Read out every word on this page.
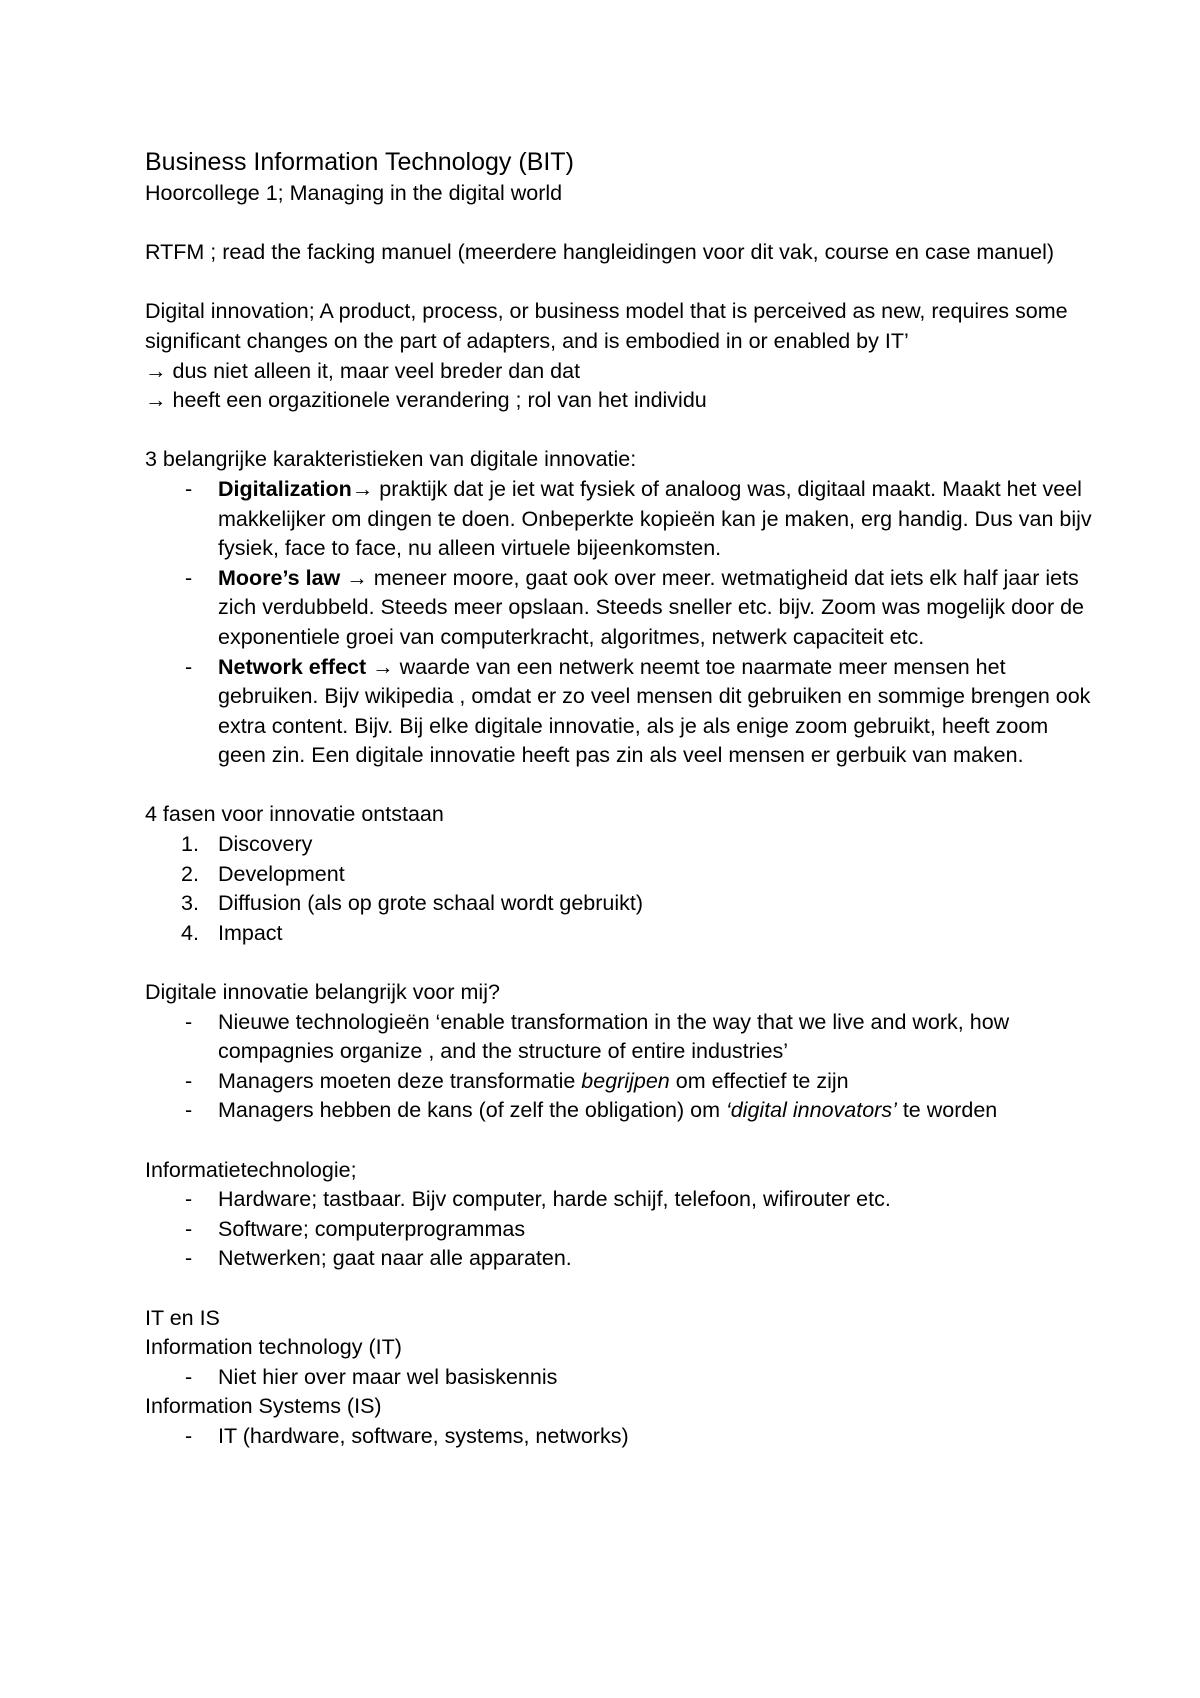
Business Information Technology (BIT)

Hoorcollege 1; Managing in the digital world

RTFM ; read the facking manuel (meerdere hangleidingen voor dit vak, course en case manuel)

Digital innovation; A product, process, or business model that is perceived as new, requires some significant changes on the part of adapters, and is embodied in or enabled by IT’

→ dus niet alleen it, maar veel breder dan dat

→ heeft een orgazitionele verandering ; rol van het individu

3 belangrijke karakteristieken van digitale innovatie:

- Digitalization→ praktijk dat je iet wat fysiek of analoog was, digitaal maakt. Maakt het veel makkelijker om dingen te doen. Onbeperkte kopieën kan je maken, erg handig. Dus van bijv fysiek, face to face, nu alleen virtuele bijeenkomsten.
- Moore’s law → meneer moore, gaat ook over meer. wetmatigheid dat iets elk half jaar iets zich verdubbeld. Steeds meer opslaan. Steeds sneller etc. bijv. Zoom was mogelijk door de exponentiele groei van computerkracht, algoritmes, netwerk capaciteit etc.
- Network effect → waarde van een netwerk neemt toe naarmate meer mensen het gebruiken. Bijv wikipedia , omdat er zo veel mensen dit gebruiken en sommige brengen ook extra content. Bijv. Bij elke digitale innovatie, als je als enige zoom gebruikt, heeft zoom geen zin. Een digitale innovatie heeft pas zin als veel mensen er gerbuik van maken.

4 fasen voor innovatie ontstaan

1. Discovery
2. Development
3. Diffusion (als op grote schaal wordt gebruikt)
4. Impact

Digitale innovatie belangrijk voor mij?

- Nieuwe technologieën ‘enable transformation in the way that we live and work, how compagnies organize , and the structure of entire industries’
- Managers moeten deze transformatie begrijpen om effectief te zijn
- Managers hebben de kans (of zelf the obligation) om ‘digital innovators’ te worden

Informatietechnologie;

- Hardware; tastbaar. Bijv computer, harde schijf, telefoon, wifirouter etc.
- Software; computerprogrammas
- Netwerken; gaat naar alle apparaten.

IT en IS

Information technology (IT)

- Niet hier over maar wel basiskennis

Information Systems (IS)

- IT (hardware, software, systems, networks)
